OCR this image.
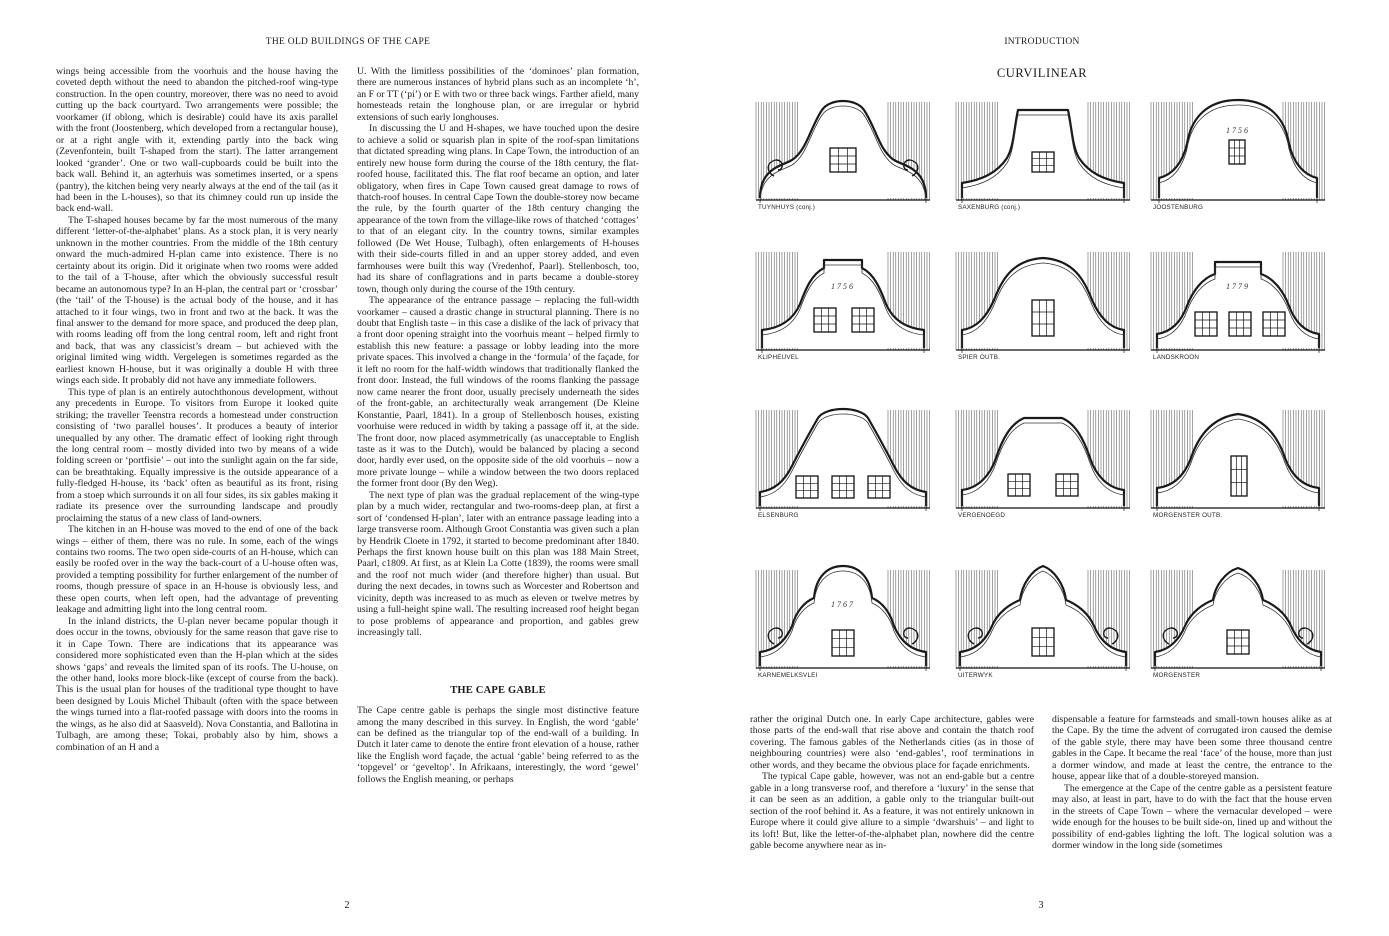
THE OLD BUILDINGS OF THE CAPE

wings being accessible from the voorhuis and the house having the coveted depth without the need to abandon the pitched-roof wing-type construction. In the open country, moreover, there was no need to avoid cutting up the back courtyard. Two arrangements were possible; the voorkamer (if oblong, which is desirable) could have its axis parallel with the front (Joostenberg, which developed from a rectangular house), or at a right angle with it, extending partly into the back wing (Zevenfontein, built T-shaped from the start). The latter arrangement looked ‘grander’. One or two wall-cupboards could be built into the back wall. Behind it, an agterhuis was sometimes inserted, or a spens (pantry), the kitchen being very nearly always at the end of the tail (as it had been in the L-houses), so that its chimney could run up inside the back end-wall.

The T-shaped houses became by far the most numerous of the many different ‘letter-of-the-alphabet’ plans. As a stock plan, it is very nearly unknown in the mother countries. From the middle of the 18th century onward the much-admired H-plan came into existence. There is no certainty about its origin. Did it originate when two rooms were added to the tail of a T-house, after which the obviously successful result became an autonomous type? In an H-plan, the central part or ‘crossbar’ (the ‘tail’ of the T-house) is the actual body of the house, and it has attached to it four wings, two in front and two at the back. It was the final answer to the demand for more space, and produced the deep plan, with rooms leading off from the long central room, left and right front and back, that was any classicist’s dream – but achieved with the original limited wing width. Vergelegen is sometimes regarded as the earliest known H-house, but it was originally a double H with three wings each side. It probably did not have any immediate followers.

This type of plan is an entirely autochthonous development, without any precedents in Europe. To visitors from Europe it looked quite striking; the traveller Teenstra records a homestead under construction consisting of ‘two parallel houses’. It produces a beauty of interior unequalled by any other. The dramatic effect of looking right through the long central room – mostly divided into two by means of a wide folding screen or ‘portfisie’ – out into the sunlight again on the far side, can be breathtaking. Equally impressive is the outside appearance of a fully-fledged H-house, its ‘back’ often as beautiful as its front, rising from a stoep which surrounds it on all four sides, its six gables making it radiate its presence over the surrounding landscape and proudly proclaiming the status of a new class of land-owners.

The kitchen in an H-house was moved to the end of one of the back wings – either of them, there was no rule. In some, each of the wings contains two rooms. The two open side-courts of an H-house, which can easily be roofed over in the way the back-court of a U-house often was, provided a tempting possibility for further enlargement of the number of rooms, though pressure of space in an H-house is obviously less, and these open courts, when left open, had the advantage of preventing leakage and admitting light into the long central room.

In the inland districts, the U-plan never became popular though it does occur in the towns, obviously for the same reason that gave rise to it in Cape Town. There are indications that its appearance was considered more sophisticated even than the H-plan which at the sides shows ‘gaps’ and reveals the limited span of its roofs. The U-house, on the other hand, looks more block-like (except of course from the back). This is the usual plan for houses of the traditional type thought to have been designed by Louis Michel Thibault (often with the space between the wings turned into a flat-roofed passage with doors into the rooms in the wings, as he also did at Saasveld). Nova Constantia, and Ballotina in Tulbagh, are among these; Tokai, probably also by him, shows a combination of an H and a

U. With the limitless possibilities of the ‘dominoes’ plan formation, there are numerous instances of hybrid plans such as an incomplete ‘h’, an F or TT (‘pi’) or E with two or three back wings. Farther afield, many homesteads retain the longhouse plan, or are irregular or hybrid extensions of such early longhouses.

In discussing the U and H-shapes, we have touched upon the desire to achieve a solid or squarish plan in spite of the roof-span limitations that dictated spreading wing plans. In Cape Town, the introduction of an entirely new house form during the course of the 18th century, the flat-roofed house, facilitated this. The flat roof became an option, and later obligatory, when fires in Cape Town caused great damage to rows of thatch-roof houses. In central Cape Town the double-storey now became the rule, by the fourth quarter of the 18th century changing the appearance of the town from the village-like rows of thatched ‘cottages’ to that of an elegant city. In the country towns, similar examples followed (De Wet House, Tulbagh), often enlargements of H-houses with their side-courts filled in and an upper storey added, and even farmhouses were built this way (Vredenhof, Paarl). Stellenbosch, too, had its share of conflagrations and in parts became a double-storey town, though only during the course of the 19th century.

The appearance of the entrance passage – replacing the full-width voorkamer – caused a drastic change in structural planning. There is no doubt that English taste – in this case a dislike of the lack of privacy that a front door opening straight into the voorhuis meant – helped firmly to establish this new feature: a passage or lobby leading into the more private spaces. This involved a change in the ‘formula’ of the façade, for it left no room for the half-width windows that traditionally flanked the front door. Instead, the full windows of the rooms flanking the passage now came nearer the front door, usually precisely underneath the sides of the front-gable, an architecturally weak arrangement (De Kleine Konstantie, Paarl, 1841). In a group of Stellenbosch houses, existing voorhuise were reduced in width by taking a passage off it, at the side. The front door, now placed asymmetrically (as unacceptable to English taste as it was to the Dutch), would be balanced by placing a second door, hardly ever used, on the opposite side of the old voorhuis – now a more private lounge – while a window between the two doors replaced the former front door (By den Weg).

The next type of plan was the gradual replacement of the wing-type plan by a much wider, rectangular and two-rooms-deep plan, at first a sort of ‘condensed H-plan’, later with an entrance passage leading into a large transverse room. Although Groot Constantia was given such a plan by Hendrik Cloete in 1792, it started to become predominant after 1840. Perhaps the first known house built on this plan was 188 Main Street, Paarl, c1809. At first, as at Klein La Cotte (1839), the rooms were small and the roof not much wider (and therefore higher) than usual. But during the next decades, in towns such as Worcester and Robertson and vicinity, depth was increased to as much as eleven or twelve metres by using a full-height spine wall. The resulting increased roof height began to pose problems of appearance and proportion, and gables grew increasingly tall.

THE CAPE GABLE

The Cape centre gable is perhaps the single most distinctive feature among the many described in this survey. In English, the word ‘gable’ can be defined as the triangular top of the end-wall of a building. In Dutch it later came to denote the entire front elevation of a house, rather like the English word façade, the actual ‘gable’ being referred to as the ‘topgevel’ or ‘geveltop’. In Afrikaans, interestingly, the word ‘gewel’ follows the English meaning, or perhaps

2
INTRODUCTION
CURVILINEAR
TUYNHUYS (conj.)	SAXENBURG (conj.)
1756
JOOSTENBURG
1756
KLIPHEUVEL	SPIER OUTB.
1779
LANDSKROON
ELSENBURG	VERGENOEGD	MORGENSTER OUTB.
1767
KARNEMELKSVLEI	UITERWYK	MORGENSTER

rather the original Dutch one. In early Cape architecture, gables were those parts of the end-wall that rise above and contain the thatch roof covering. The famous gables of the Netherlands cities (as in those of neighbouring countries) were also ‘end-gables’, roof terminations in other words, and they became the obvious place for façade enrichments.

The typical Cape gable, however, was not an end-gable but a centre gable in a long transverse roof, and therefore a ‘luxury’ in the sense that it can be seen as an addition, a gable only to the triangular built-out section of the roof behind it. As a feature, it was not entirely unknown in Europe where it could give allure to a simple ‘dwarshuis’ – and light to its loft! But, like the letter-of-the-alphabet plan, nowhere did the centre gable become anywhere near as in-

dispensable a feature for farmsteads and small-town houses alike as at the Cape. By the time the advent of corrugated iron caused the demise of the gable style, there may have been some three thousand centre gables in the Cape. It became the real ‘face’ of the house, more than just a dormer window, and made at least the centre, the entrance to the house, appear like that of a double-storeyed mansion.

The emergence at the Cape of the centre gable as a persistent feature may also, at least in part, have to do with the fact that the house erven in the streets of Cape Town – where the vernacular developed – were wide enough for the houses to be built side-on, lined up and without the possibility of end-gables lighting the loft. The logical solution was a dormer window in the long side (sometimes

3
